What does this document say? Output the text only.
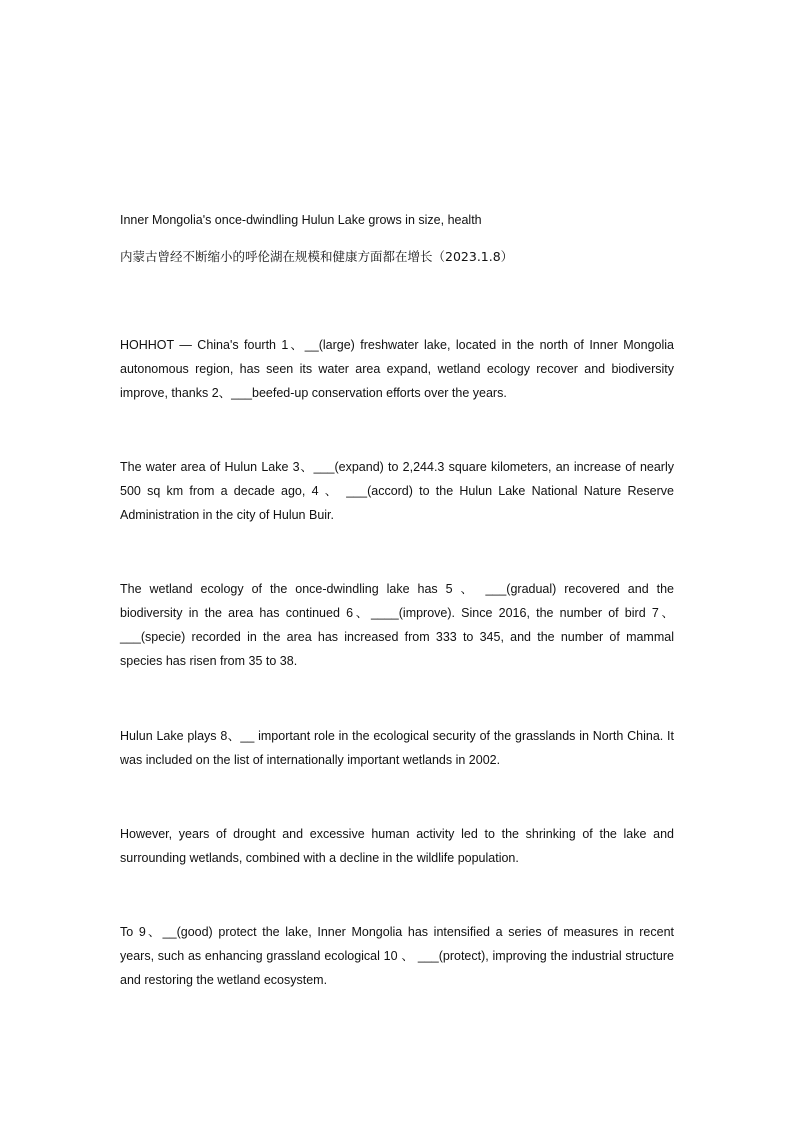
Inner Mongolia's once-dwindling Hulun Lake grows in size, health
内蒙古曾经不断缩小的呼伦湖在规模和健康方面都在增长（2023.1.8）

HOHHOT — China's fourth 1、__(large) freshwater lake, located in the north of Inner Mongolia autonomous region, has seen its water area expand, wetland ecology recover and biodiversity improve, thanks 2、___beefed-up conservation efforts over the years.

The water area of Hulun Lake 3、___(expand) to 2,244.3 square kilometers, an increase of nearly 500 sq km from a decade ago, 4 、 ___(accord) to the Hulun Lake National Nature Reserve Administration in the city of Hulun Buir.

The wetland ecology of the once-dwindling lake has 5 、 ___(gradual) recovered and the biodiversity in the area has continued 6、____(improve). Since 2016, the number of bird 7、___(specie) recorded in the area has increased from 333 to 345, and the number of mammal species has risen from 35 to 38.

Hulun Lake plays 8、__ important role in the ecological security of the grasslands in North China. It was included on the list of internationally important wetlands in 2002.

However, years of drought and excessive human activity led to the shrinking of the lake and surrounding wetlands, combined with a decline in the wildlife population.

To 9、__(good) protect the lake, Inner Mongolia has intensified a series of measures in recent years, such as enhancing grassland ecological 10 、 ___(protect), improving the industrial structure and restoring the wetland ecosystem.
